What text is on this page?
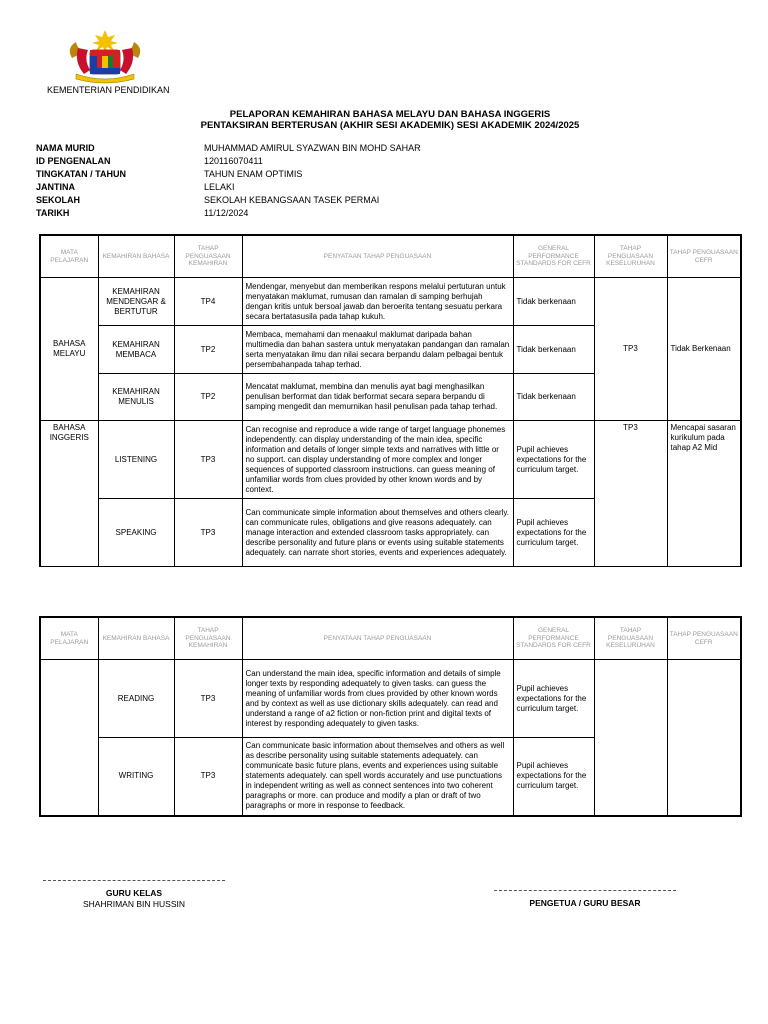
KEMENTERIAN PENDIDIKAN
PELAPORAN KEMAHIRAN BAHASA MELAYU DAN BAHASA INGGERIS
PENTAKSIRAN BERTERUSAN (AKHIR SESI AKADEMIK) SESI AKADEMIK 2024/2025
NAMA MURID	MUHAMMAD AMIRUL SYAZWAN BIN MOHD SAHAR
ID PENGENALAN	120116070411
TINGKATAN / TAHUN	TAHUN ENAM OPTIMIS
JANTINA	LELAKI
SEKOLAH	SEKOLAH KEBANGSAAN TASEK PERMAI
TARIKH	11/12/2024
MATA PELAJARAN	KEMAHIRAN BAHASA	TAHAP PENGUASAAN KEMAHIRAN	PENYATAAN TAHAP PENGUASAAN	GENERAL PERFORMANCE STANDARDS FOR CEFR	TAHAP PENGUASAAN KESELURUHAN	TAHAP PENGUASAAN CEFR
BAHASA MELAYU	KEMAHIRAN MENDENGAR & BERTUTUR	TP4	Mendengar, menyebut dan memberikan respons melalui pertuturan untuk menyatakan maklumat, rumusan dan ramalan di samping berhujah dengan kritis untuk bersoal jawab dan beroerita tentang sesuatu perkara secara bertatasusila pada tahap kukuh.	Tidak berkenaan	TP3	Tidak Berkenaan
	KEMAHIRAN MEMBACA	TP2	Membaca, memahami dan menaakul maklumat daripada bahan multimedia dan bahan sastera untuk menyatakan pandangan dan ramalan serta menyatakan ilmu dan nilai secara berpandu dalam pelbagai bentuk persembahanpada tahap terhad.	Tidak berkenaan		
	KEMAHIRAN MENULIS	TP2	Mencatat maklumat, membina dan menulis ayat bagi menghasilkan penulisan berformat dan tidak berformat secara separa berpandu di samping mengedit dan memurnikan hasil penulisan pada tahap terhad.	Tidak berkenaan		
BAHASA INGGERIS	LISTENING	TP3	Can recognise and reproduce a wide range of target language phonemes independently. can display understanding of the main idea, specific information and details of longer simple texts and narratives with little or no support. can display understanding of more complex and longer sequences of supported classroom instructions. can guess meaning of unfamiliar words from clues provided by other known words and by context.	Pupil achieves expectations for the curriculum target.	TP3	Mencapai sasaran kurikulum pada tahap A2 Mid
	SPEAKING	TP3	Can communicate simple information about themselves and others clearly. can communicate rules, obligations and give reasons adequately. can manage interaction and extended classroom tasks appropriately. can describe personality and future plans or events using suitable statements adequately. can narrate short stories, events and experiences adequately.	Pupil achieves expectations for the curriculum target.		
MATA PELAJARAN	KEMAHIRAN BAHASA	TAHAP PENGUASAAN KEMAHIRAN	PENYATAAN TAHAP PENGUASAAN	GENERAL PERFORMANCE STANDARDS FOR CEFR	TAHAP PENGUASAAN KESELURUHAN	TAHAP PENGUASAAN CEFR
	READING	TP3	Can understand the main idea, specific information and details of simple longer texts by responding adequately to given tasks. can guess the meaning of unfamiliar words from clues provided by other known words and by context as well as use dictionary skills adequately. can read and understand a range of a2 fiction or non-fiction print and digital texts of interest by responding adequately to given tasks.	Pupil achieves expectations for the curriculum target.		
	WRITING	TP3	Can communicate basic information about themselves and others as well as describe personality using suitable statements adequately. can communicate basic future plans, events and experiences using suitable statements adequately. can spell words accurately and use punctuations in independent writing as well as connect sentences into two coherent paragraphs or more. can produce and modify a plan or draft of two paragraphs or more in response to feedback.	Pupil achieves expectations for the curriculum target.		
GURU KELAS
SHAHRIMAN BIN HUSSIN	PENGETUA / GURU BESAR
